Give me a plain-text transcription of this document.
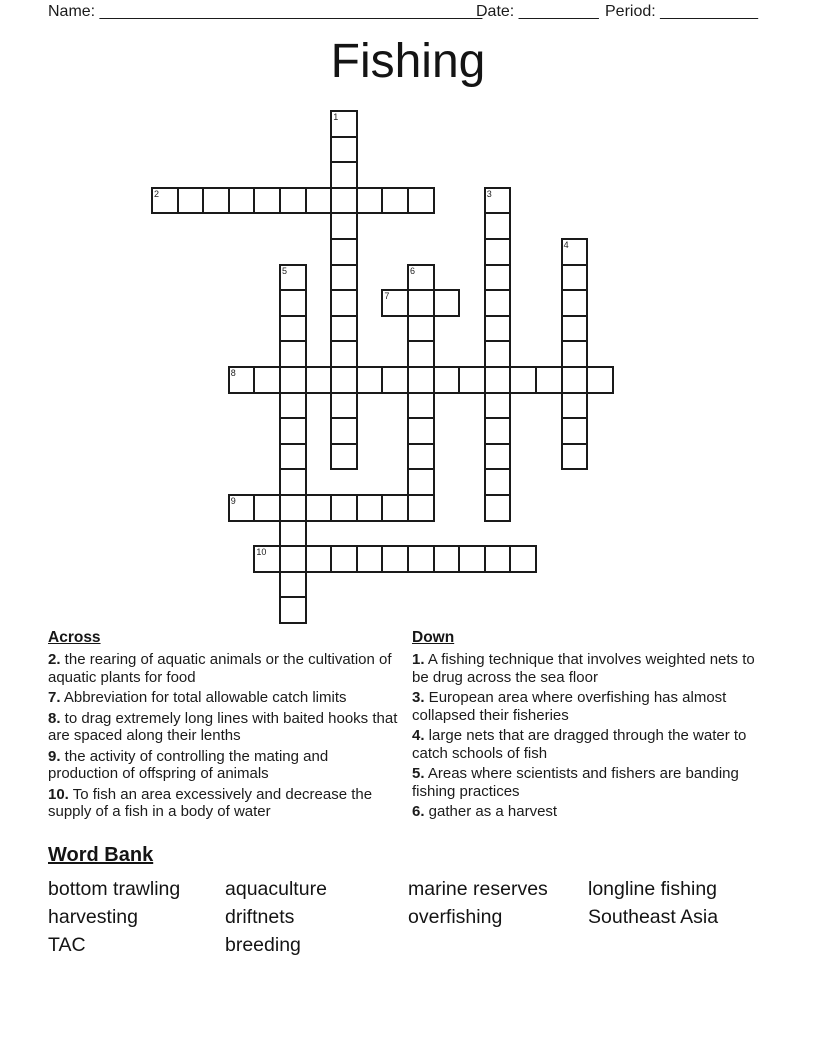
Name: ___________________________________________
Date: _________ Period: ___________
Fishing
1
2	3
4
5	6
7
8
9
10
Across

2. the rearing of aquatic animals or the cultivation of aquatic plants for food

7. Abbreviation for total allowable catch limits

8. to drag extremely long lines with baited hooks that are spaced along their lenths

9. the activity of controlling the mating and production of offspring of animals

10. To fish an area excessively and decrease the supply of a fish in a body of water

Down

1. A fishing technique that involves weighted nets to be drug across the sea floor

3. European area where overfishing has almost collapsed their fisheries

4. large nets that are dragged through the water to catch schools of fish

5. Areas where scientists and fishers are banding fishing practices

6. gather as a harvest

Word Bank
bottom trawling
harvesting
TAC
aquaculture
driftnets
breeding
marine reserves
overfishing
longline fishing
Southeast Asia
